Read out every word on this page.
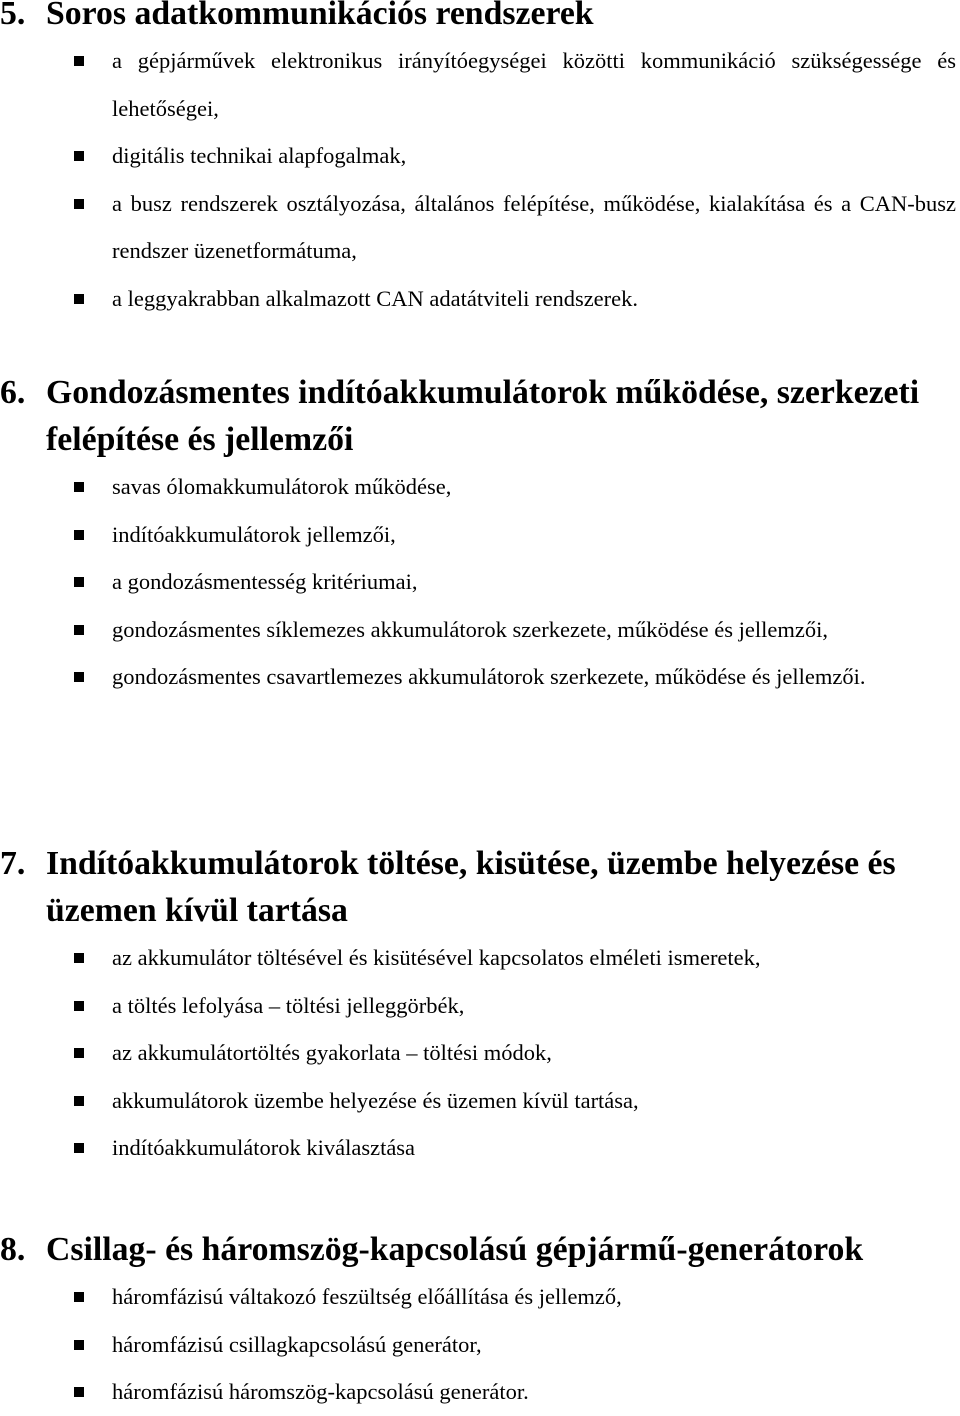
5. Soros adatkommunikációs rendszerek
a gépjárművek elektronikus irányítóegységei közötti kommunikáció szükségessége és lehetőségei,
digitális technikai alapfogalmak,
a busz rendszerek osztályozása, általános felépítése, működése, kialakítása és a CAN-busz rendszer üzenetformátuma,
a leggyakrabban alkalmazott CAN adatátviteli rendszerek.
6. Gondozásmentes indítóakkumulátorok működése, szerkezeti felépítése és jellemzői
savas ólomakkumulátorok működése,
indítóakkumulátorok jellemzői,
a gondozásmentesség kritériumai,
gondozásmentes síklemezes akkumulátorok szerkezete, működése és jellemzői,
gondozásmentes csavartlemezes akkumulátorok szerkezete, működése és jellemzői.
7. Indítóakkumulátorok töltése, kisütése, üzembe helyezése és üzemen kívül tartása
az akkumulátor töltésével és kisütésével kapcsolatos elméleti ismeretek,
a töltés lefolyása – töltési jelleggörbék,
az akkumulátortöltés gyakorlata – töltési módok,
akkumulátorok üzembe helyezése és üzemen kívül tartása,
indítóakkumulátorok kiválasztása
8. Csillag- és háromszög-kapcsolású gépjármű-generátorok
háromfázisú váltakozó feszültség előállítása és jellemző,
háromfázisú csillagkapcsolású generátor,
háromfázisú háromszög-kapcsolású generátor.
